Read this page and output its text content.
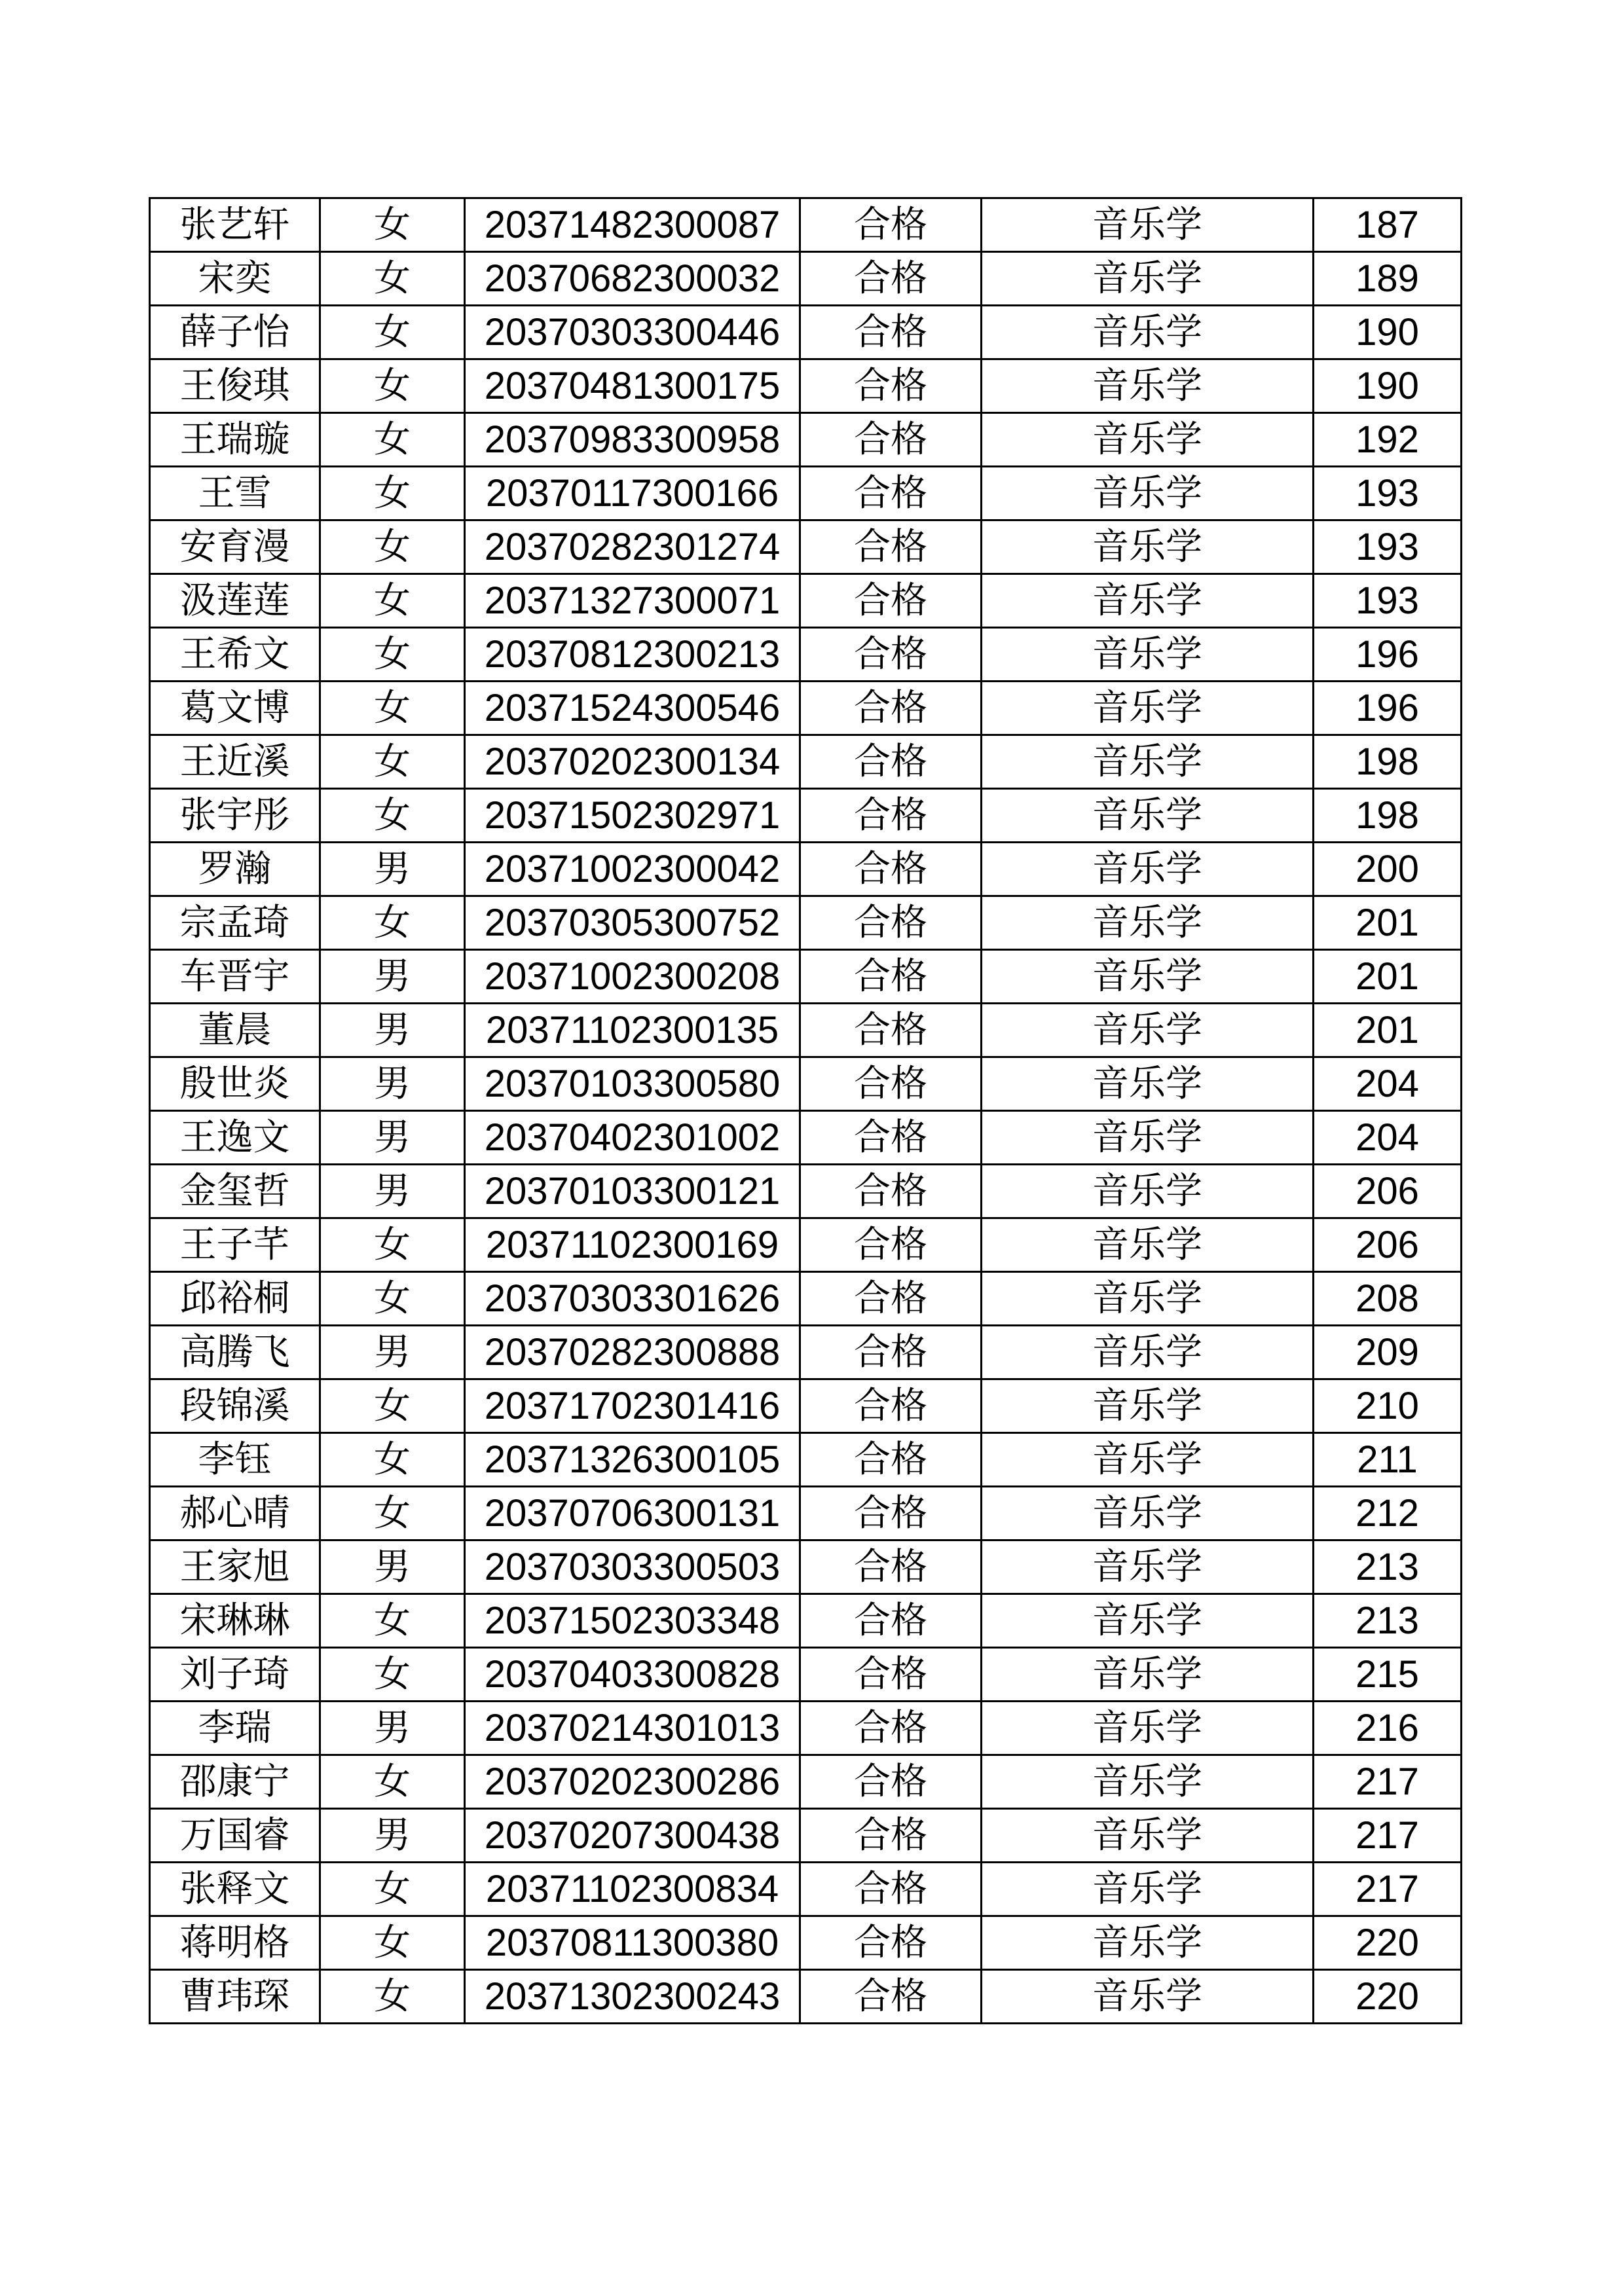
张艺轩	女	20371482300087	合格	音乐学	187
宋奕	女	20370682300032	合格	音乐学	189
薛子怡	女	20370303300446	合格	音乐学	190
王俊琪	女	20370481300175	合格	音乐学	190
王瑞璇	女	20370983300958	合格	音乐学	192
王雪	女	20370117300166	合格	音乐学	193
安育漫	女	20370282301274	合格	音乐学	193
汲莲莲	女	20371327300071	合格	音乐学	193
王希文	女	20370812300213	合格	音乐学	196
葛文博	女	20371524300546	合格	音乐学	196
王近溪	女	20370202300134	合格	音乐学	198
张宇彤	女	20371502302971	合格	音乐学	198
罗瀚	男	20371002300042	合格	音乐学	200
宗孟琦	女	20370305300752	合格	音乐学	201
车晋宇	男	20371002300208	合格	音乐学	201
董晨	男	20371102300135	合格	音乐学	201
殷世炎	男	20370103300580	合格	音乐学	204
王逸文	男	20370402301002	合格	音乐学	204
金玺哲	男	20370103300121	合格	音乐学	206
王子芊	女	20371102300169	合格	音乐学	206
邱裕桐	女	20370303301626	合格	音乐学	208
高腾飞	男	20370282300888	合格	音乐学	209
段锦溪	女	20371702301416	合格	音乐学	210
李钰	女	20371326300105	合格	音乐学	211
郝心晴	女	20370706300131	合格	音乐学	212
王家旭	男	20370303300503	合格	音乐学	213
宋琳琳	女	20371502303348	合格	音乐学	213
刘子琦	女	20370403300828	合格	音乐学	215
李瑞	男	20370214301013	合格	音乐学	216
邵康宁	女	20370202300286	合格	音乐学	217
万国睿	男	20370207300438	合格	音乐学	217
张释文	女	20371102300834	合格	音乐学	217
蒋明格	女	20370811300380	合格	音乐学	220
曹玮琛	女	20371302300243	合格	音乐学	220
